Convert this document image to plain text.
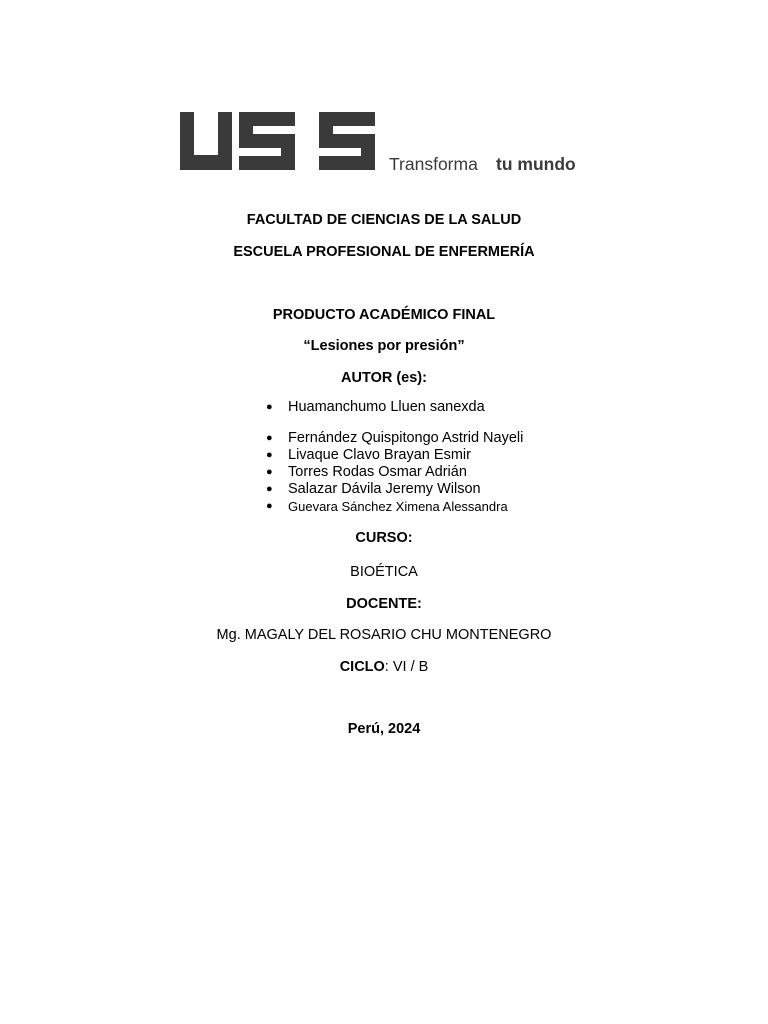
Transforma tu mundo
FACULTAD DE CIENCIAS DE LA SALUD
ESCUELA PROFESIONAL DE ENFERMERÍA
PRODUCTO ACADÉMICO FINAL
“Lesiones por presión”
AUTOR (es):
● Huamanchumo Lluen sanexda
● Fernández Quispitongo Astrid Nayeli
● Livaque Clavo Brayan Esmir
● Torres Rodas Osmar Adrián
● Salazar Dávila Jeremy Wilson
● Guevara Sánchez Ximena Alessandra
CURSO:
BIOÉTICA
DOCENTE:
Mg. MAGALY DEL ROSARIO CHU MONTENEGRO
CICLO: VI / B
Perú, 2024
